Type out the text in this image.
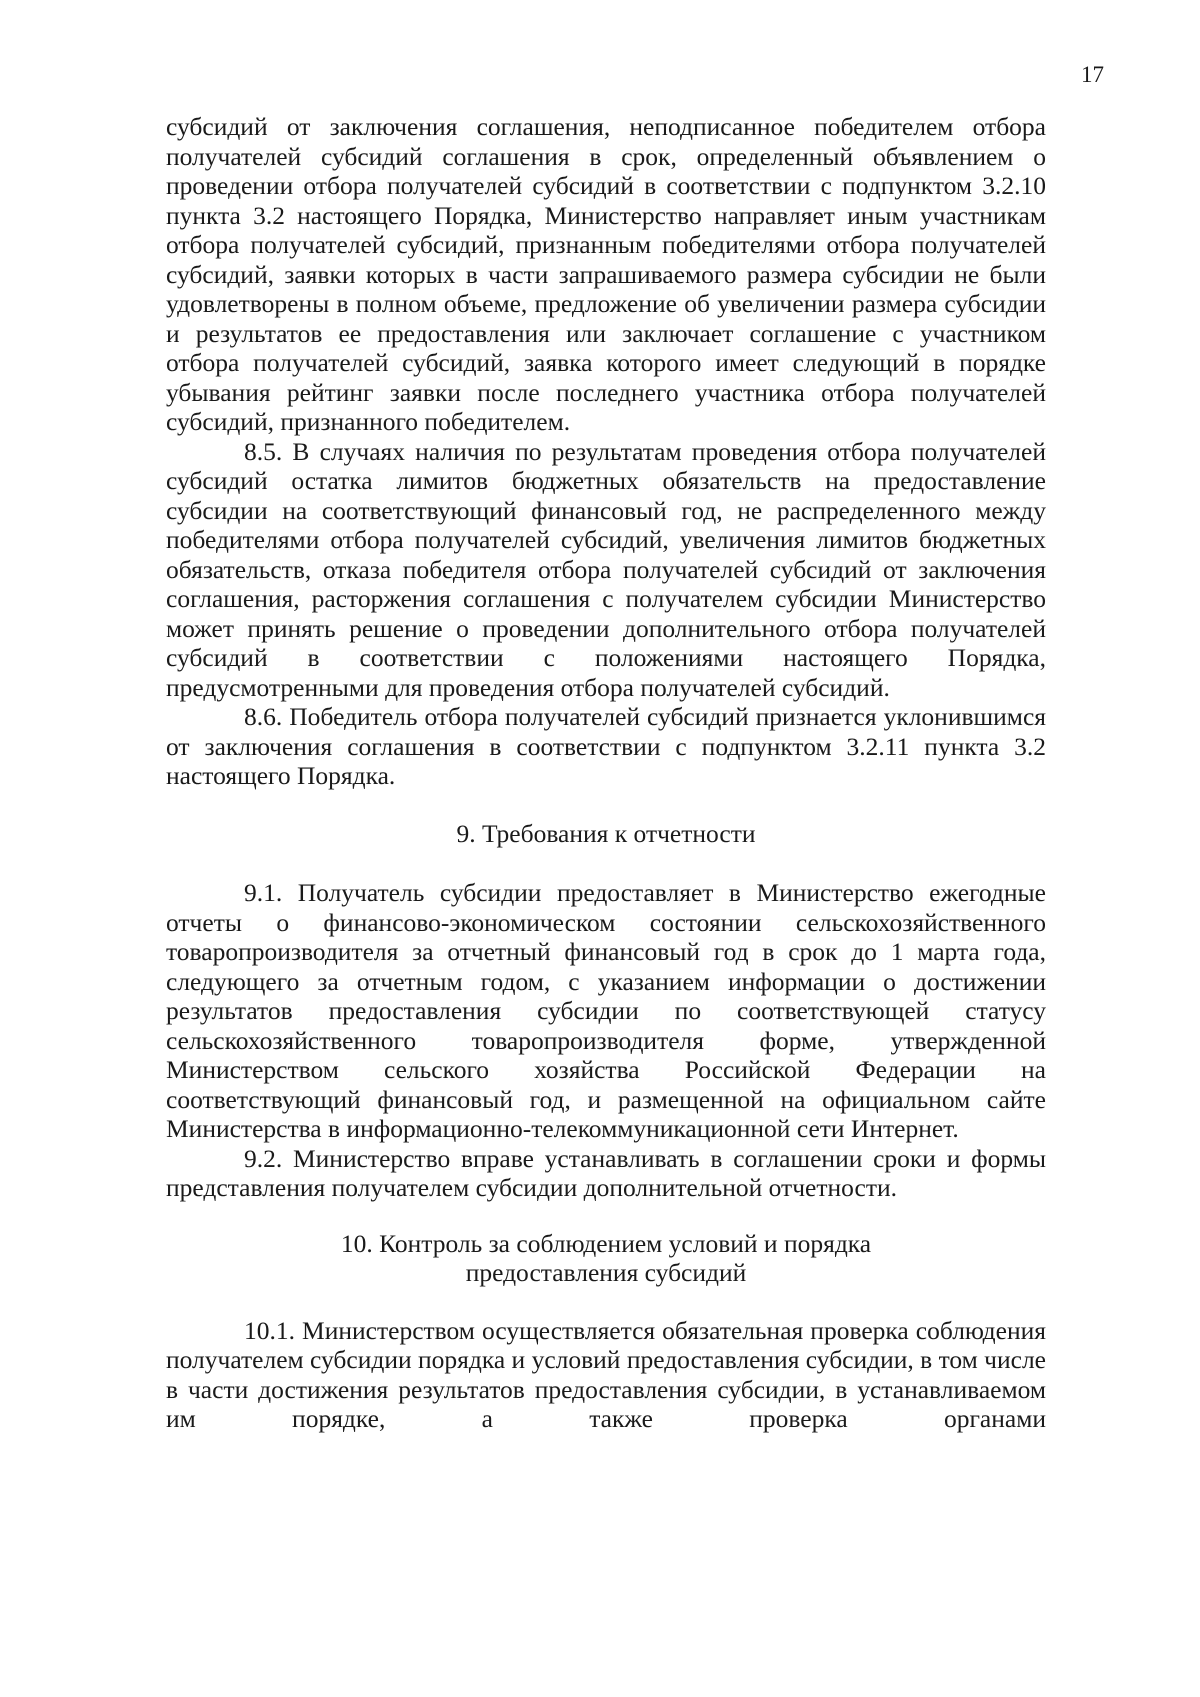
17

субсидий от заключения соглашения, неподписанное победителем отбора получателей субсидий соглашения в срок, определенный объявлением о проведении отбора получателей субсидий в соответствии с подпунктом 3.2.10 пункта 3.2 настоящего Порядка, Министерство направляет иным участникам отбора получателей субсидий, признанным победителями отбора получателей субсидий, заявки которых в части запрашиваемого размера субсидии не были удовлетворены в полном объеме, предложение об увеличении размера субсидии и результатов ее предоставления или заключает соглашение с участником отбора получателей субсидий, заявка которого имеет следующий в порядке убывания рейтинг заявки после последнего участника отбора получателей субсидий, признанного победителем.

8.5. В случаях наличия по результатам проведения отбора получателей субсидий остатка лимитов бюджетных обязательств на предоставление субсидии на соответствующий финансовый год, не распределенного между победителями отбора получателей субсидий, увеличения лимитов бюджетных обязательств, отказа победителя отбора получателей субсидий от заключения соглашения, расторжения соглашения с получателем субсидии Министерство может принять решение о проведении дополнительного отбора получателей субсидий в соответствии с положениями настоящего Порядка, предусмотренными для проведения отбора получателей субсидий.

8.6. Победитель отбора получателей субсидий признается уклонившимся от заключения соглашения в соответствии с подпунктом 3.2.11 пункта 3.2 настоящего Порядка.

9. Требования к отчетности

9.1. Получатель субсидии предоставляет в Министерство ежегодные отчеты о финансово-экономическом состоянии сельскохозяйственного товаропроизводителя за отчетный финансовый год в срок до 1 марта года, следующего за отчетным годом, с указанием информации о достижении результатов предоставления субсидии по соответствующей статусу сельскохозяйственного товаропроизводителя форме, утвержденной Министерством сельского хозяйства Российской Федерации на соответствующий финансовый год, и размещенной на официальном сайте Министерства в информационно-телекоммуникационной сети Интернет.

9.2. Министерство вправе устанавливать в соглашении сроки и формы представления получателем субсидии дополнительной отчетности.

10. Контроль за соблюдением условий и порядка

предоставления субсидий

10.1. Министерством осуществляется обязательная проверка соблюдения получателем субсидии порядка и условий предоставления субсидии, в том числе в части достижения результатов предоставления субсидии, в устанавливаемом им порядке, а также проверка органами
